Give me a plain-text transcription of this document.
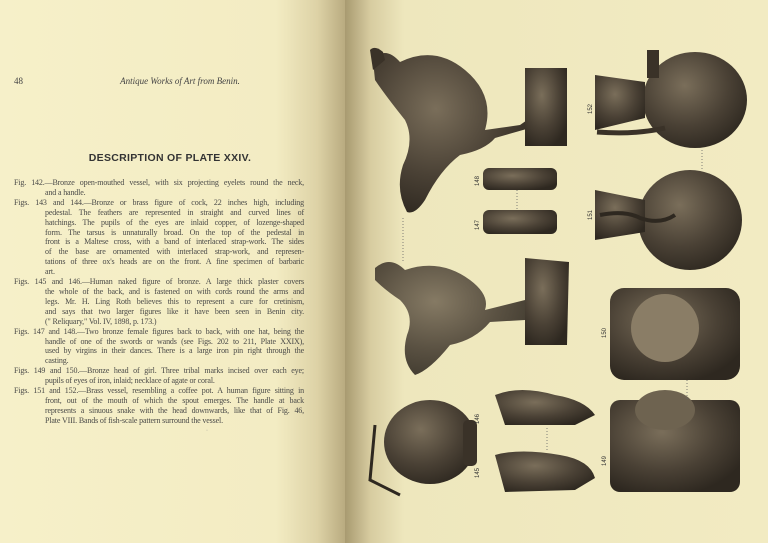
48	Antique Works of Art from Benin.
DESCRIPTION OF PLATE XXIV.
Fig. 142.—Bronze open-mouthed vessel, with six projecting eyelets round the neck,
and a handle.
Figs. 143 and 144.—Bronze or brass figure of cock, 22 inches high, including
pedestal. The feathers are represented in straight and curved lines of
hatchings. The pupils of the eyes are inlaid copper, of lozenge-shaped
form. The tarsus is unnaturally broad. On the top of the pedestal in
front is a Maltese cross, with a band of interlaced strap-work. The sides
of the base are ornamented with interlaced strap-work, and represen-
tations of three ox's heads are on the front. A fine specimen of barbaric
art.
Figs. 145 and 146.—Human naked figure of bronze. A large thick plaster covers
the whole of the back, and is fastened on with cords round the arms and
legs. Mr. H. Ling Roth believes this to represent a cure for cretinism,
and says that two larger figures like it have been seen in Benin city.
(" Reliquary," Vol. IV, 1898, p. 173.)
Figs. 147 and 148.—Two bronze female figures back to back, with one hat, being the
handle of one of the swords or wands (see Figs. 202 to 211, Plate XXIX),
used by virgins in their dances. There is a large iron pin right through the
casting.
Figs. 149 and 150.—Bronze head of girl. Three tribal marks incised over each eye;
pupils of eyes of iron, inlaid; necklace of agate or coral.
Figs. 151 and 152.—Brass vessel, resembling a coffee pot. A human figure sitting in
front, out of the mouth of which the spout emerges. The handle at back
represents a sinuous snake with the head downwards, like that of Fig. 46,
Plate VIII. Bands of fish-scale pattern surround the vessel.
·
152
148
147
151
150
146
145
149
